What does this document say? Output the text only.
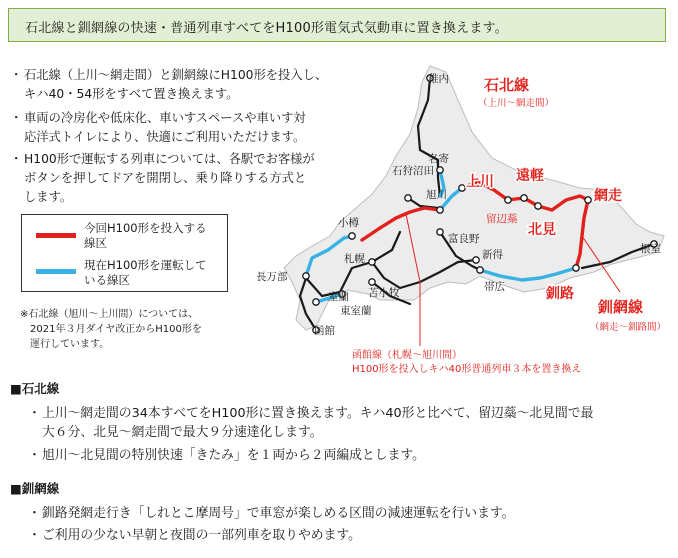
石北線と釧網線の快速・普通列車すべてをH100形電気式気動車に置き換えます。
・ 石北線（上川～網走間）と釧網線にH100形を投入し、
キハ40・54形をすべて置き換えます。
・ 車両の冷房化や低床化、車いすスペースや車いす対
応洋式トイレにより、快適にご利用いただけます。
・ H100形で運転する列車については、各駅でお客様が
ボタンを押してドアを開閉し、乗り降りする方式と
します。
今回H100形を投入する
線区
現在H100形を運転して
いる線区
※石北線（旭川～上川間）については、
　2021年３月ダイヤ改正からH100形を
　運行しています。
稚内
名寄
旭川
留辺蘂
石狩沼田
富良野
小樽
札幌	新得
帯広
根室
苫小牧
室蘭
東室蘭
長万部
函館
上川 遠軽
北見
網走
釧路
石北線
（上川～網走間）
釧網線
（網走～釧路間）
函館線（札幌～旭川間）
H100形を投入しキハ40形普通列車３本を置き換え
■石北線
・ 上川～網走間の34本すべてをH100形に置き換えます。キハ40形と比べて、留辺蘂～北見間で最
大６分、北見～網走間で最大９分速達化します。
・ 旭川～北見間の特別快速「きたみ」を１両から２両編成とします。
■釧網線
・ 釧路発網走行き「しれとこ摩周号」で車窓が楽しめる区間の減速運転を行います。
・ ご利用の少ない早朝と夜間の一部列車を取りやめます。
